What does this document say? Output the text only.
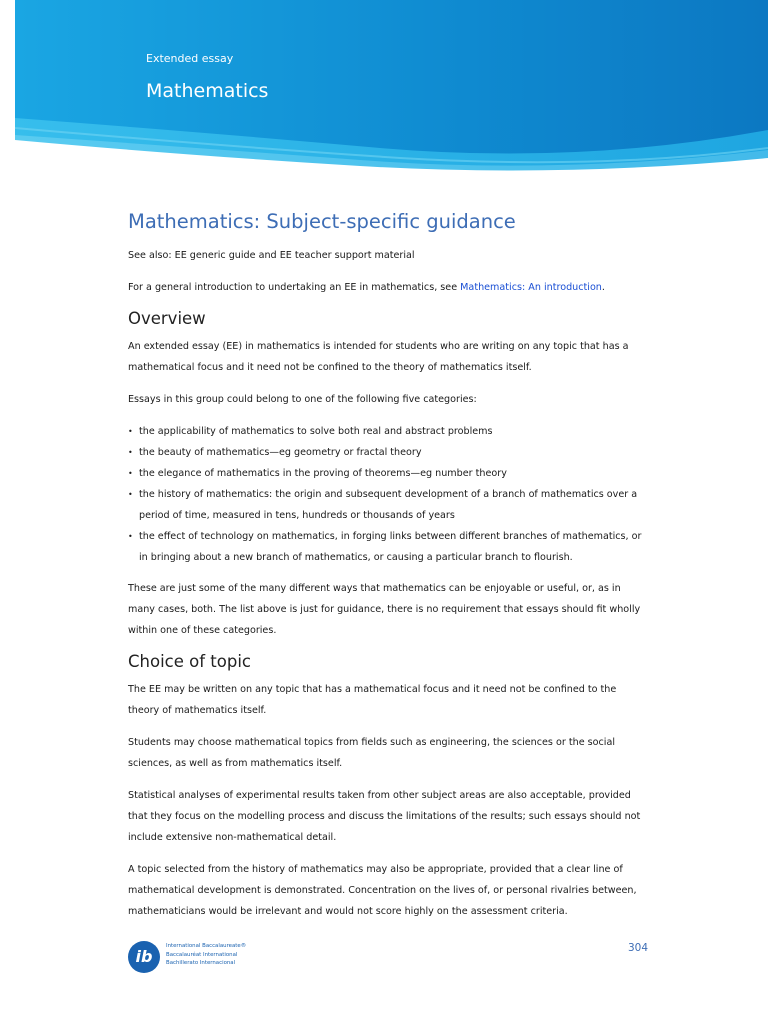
Extended essay
Mathematics
Mathematics: Subject-specific guidance

See also: EE generic guide and EE teacher support material

For a general introduction to undertaking an EE in mathematics, see Mathematics: An introduction.

Overview

An extended essay (EE) in mathematics is intended for students who are writing on any topic that has a mathematical focus and it need not be confined to the theory of mathematics itself.

Essays in this group could belong to one of the following five categories:

• the applicability of mathematics to solve both real and abstract problems
• the beauty of mathematics—eg geometry or fractal theory
• the elegance of mathematics in the proving of theorems—eg number theory
• the history of mathematics: the origin and subsequent development of a branch of mathematics over a period of time, measured in tens, hundreds or thousands of years
• the effect of technology on mathematics, in forging links between different branches of mathematics, or in bringing about a new branch of mathematics, or causing a particular branch to flourish.

These are just some of the many different ways that mathematics can be enjoyable or useful, or, as in many cases, both. The list above is just for guidance, there is no requirement that essays should fit wholly within one of these categories.

Choice of topic

The EE may be written on any topic that has a mathematical focus and it need not be confined to the theory of mathematics itself.

Students may choose mathematical topics from fields such as engineering, the sciences or the social sciences, as well as from mathematics itself.

Statistical analyses of experimental results taken from other subject areas are also acceptable, provided that they focus on the modelling process and discuss the limitations of the results; such essays should not include extensive non-mathematical detail.

A topic selected from the history of mathematics may also be appropriate, provided that a clear line of mathematical development is demonstrated. Concentration on the lives of, or personal rivalries between, mathematicians would be irrelevant and would not score highly on the assessment criteria.

ib
International Baccalaureate®
Baccalauréat International
Bachillerato Internacional
304
